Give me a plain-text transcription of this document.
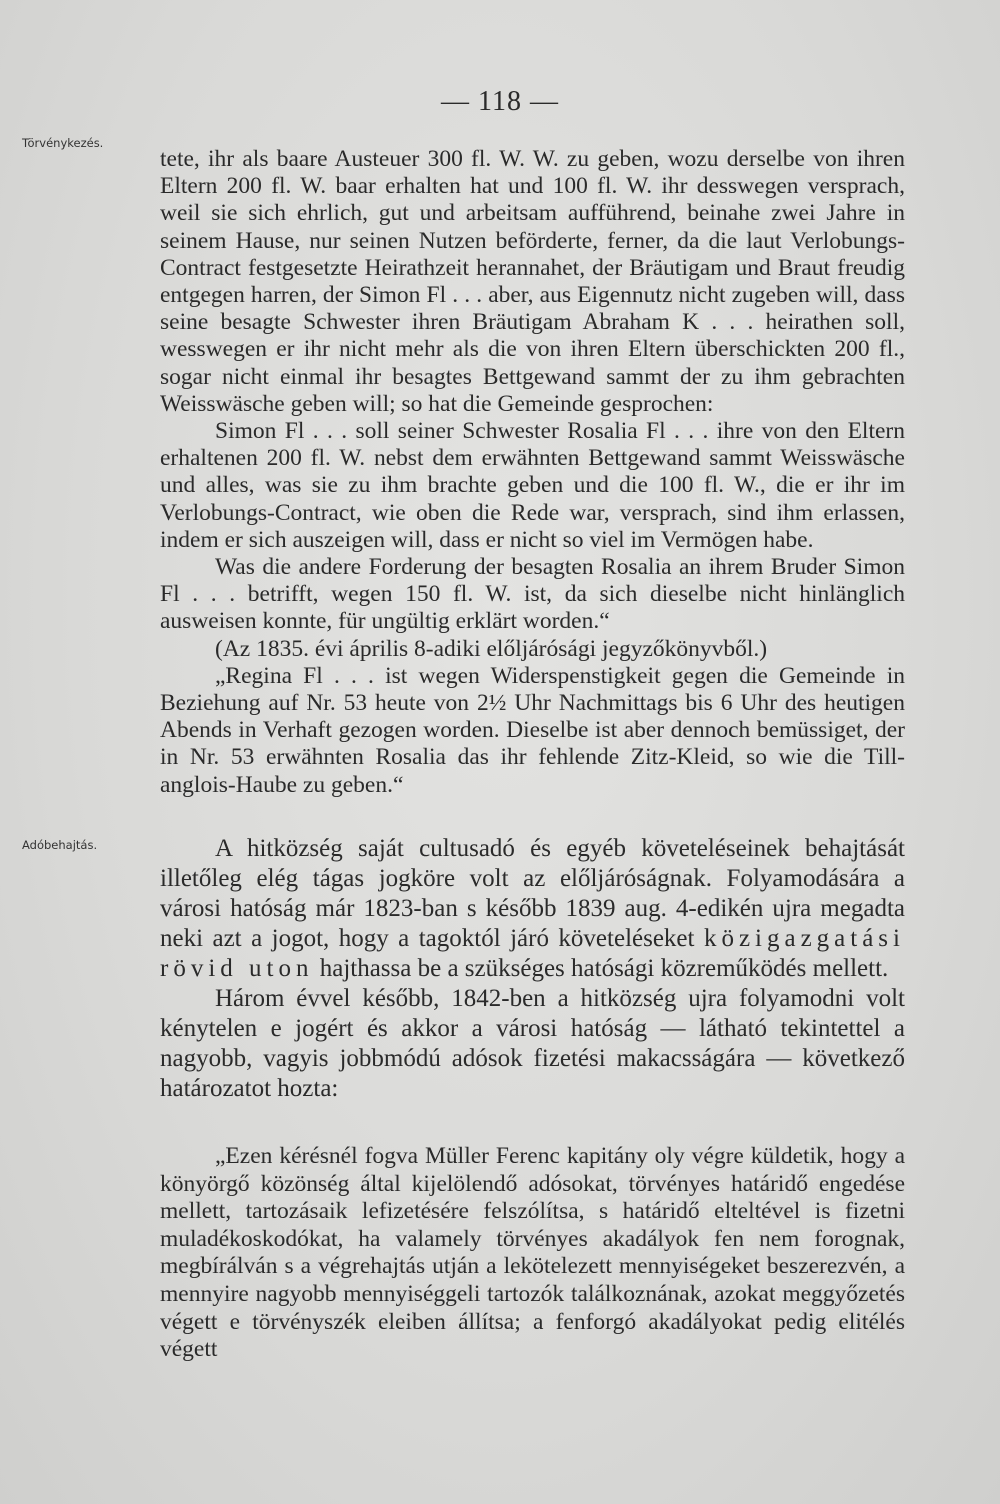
— 118 —
Törvénykezés.

tete, ihr als baare Austeuer 300 fl. W. W. zu geben, wozu derselbe von ihren Eltern 200 fl. W. baar erhalten hat und 100 fl. W. ihr desswegen versprach, weil sie sich ehrlich, gut und arbeitsam aufführend, beinahe zwei Jahre in seinem Hause, nur seinen Nutzen beförderte, ferner, da die laut Verlobungs-Contract festgesetzte Heirathzeit herannahet, der Bräutigam und Braut freudig entgegen harren, der Simon Fl . . . aber, aus Eigennutz nicht zugeben will, dass seine besagte Schwester ihren Bräutigam Abraham K . . . heirathen soll, wesswegen er ihr nicht mehr als die von ihren Eltern überschickten 200 fl., sogar nicht einmal ihr besagtes Bettgewand sammt der zu ihm gebrachten Weisswäsche geben will; so hat die Gemeinde gesprochen:

Simon Fl . . . soll seiner Schwester Rosalia Fl . . . ihre von den Eltern erhaltenen 200 fl. W. nebst dem erwähnten Bettgewand sammt Weisswäsche und alles, was sie zu ihm brachte geben und die 100 fl. W., die er ihr im Verlobungs-Contract, wie oben die Rede war, versprach, sind ihm erlassen, indem er sich auszeigen will, dass er nicht so viel im Vermögen habe.

Was die andere Forderung der besagten Rosalia an ihrem Bruder Simon Fl . . . betrifft, wegen 150 fl. W. ist, da sich dieselbe nicht hinlänglich ausweisen konnte, für ungültig erklärt worden.“

(Az 1835. évi április 8-adiki előljárósági jegyzőkönyvből.)

„Regina Fl . . . ist wegen Widerspenstigkeit gegen die Gemeinde in Beziehung auf Nr. 53 heute von 2½ Uhr Nachmittags bis 6 Uhr des heutigen Abends in Verhaft gezogen worden. Dieselbe ist aber dennoch bemüssiget, der in Nr. 53 erwähnten Rosalia das ihr fehlende Zitz-Kleid, so wie die Till-anglois-Haube zu geben.“

Adóbehajtás.	A hitközség saját cultusadó és egyéb követeléseinek behajtását illetőleg elég tágas jogköre volt az előljáróságnak. Folyamodására a városi hatóság már 1823-ban s később 1839 aug. 4-edikén ujra megadta neki azt a jogot, hogy a tagoktól járó követeléseket közigazgatási rövid uton hajthassa be a szükséges hatósági közreműködés mellett.

Három évvel később, 1842-ben a hitközség ujra folyamodni volt kénytelen e jogért és akkor a városi hatóság — látható tekintettel a nagyobb, vagyis jobbmódú adósok fizetési makacsságára — következő határozatot hozta:

„Ezen kérésnél fogva Müller Ferenc kapitány oly végre küldetik, hogy a könyörgő közönség által kijelölendő adósokat, törvényes határidő engedése mellett, tartozásaik lefizetésére felszólítsa, s határidő elteltével is fizetni muladékoskodókat, ha valamely törvényes akadályok fen nem forognak, megbírálván s a végrehajtás utján a lekötelezett mennyiségeket beszerezvén, a mennyire nagyobb mennyiséggeli tartozók találkoznának, azokat meggyőzetés végett e törvényszék eleiben állítsa; a fenforgó akadályokat pedig elitélés végett
